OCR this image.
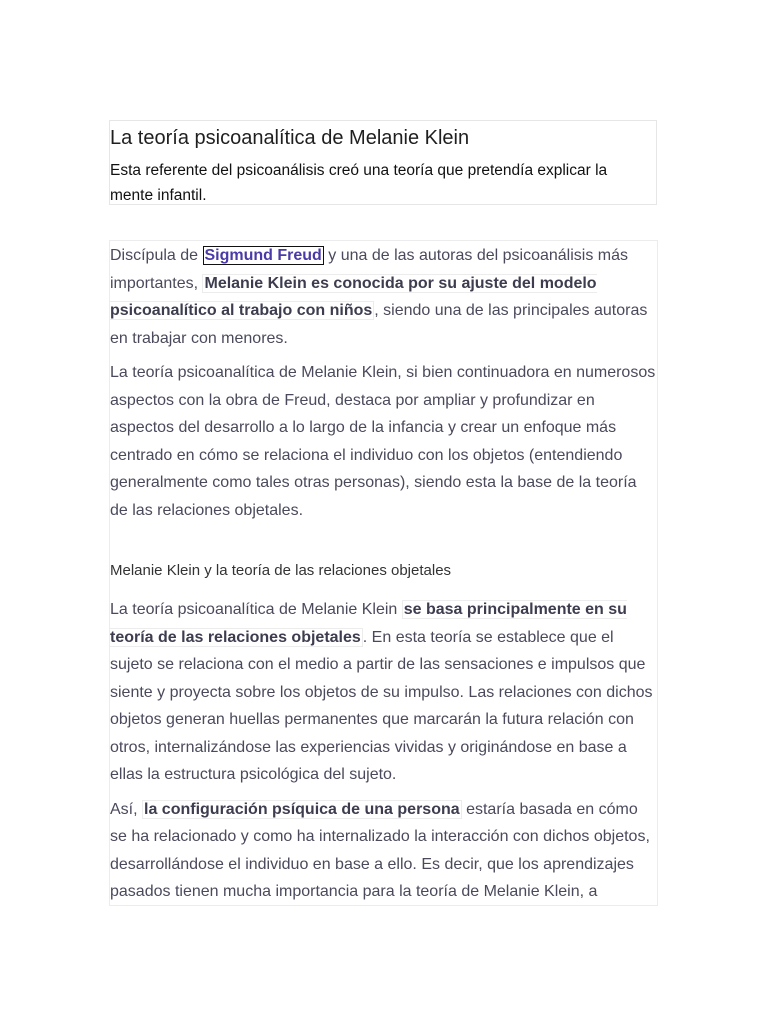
La teoría psicoanalítica de Melanie Klein

Esta referente del psicoanálisis creó una teoría que pretendía explicar la mente infantil.

Discípula de Sigmund Freud y una de las autoras del psicoanálisis más importantes, Melanie Klein es conocida por su ajuste del modelo psicoanalítico al trabajo con niños , siendo una de las principales autoras en trabajar con menores.

La teoría psicoanalítica de Melanie Klein, si bien continuadora en numerosos aspectos con la obra de Freud, destaca por ampliar y profundizar en aspectos del desarrollo a lo largo de la infancia y crear un enfoque más centrado en cómo se relaciona el individuo con los objetos (entendiendo generalmente como tales otras personas), siendo esta la base de la teoría de las relaciones objetales.

Melanie Klein y la teoría de las relaciones objetales

La teoría psicoanalítica de Melanie Klein se basa principalmente en su teoría de las relaciones objetales . En esta teoría se establece que el sujeto se relaciona con el medio a partir de las sensaciones e impulsos que siente y proyecta sobre los objetos de su impulso. Las relaciones con dichos objetos generan huellas permanentes que marcarán la futura relación con otros, internalizándose las experiencias vividas y originándose en base a ellas la estructura psicológica del sujeto.

Así, la configuración psíquica de una persona estaría basada en cómo se ha relacionado y como ha internalizado la interacción con dichos objetos, desarrollándose el individuo en base a ello. Es decir, que los aprendizajes pasados tienen mucha importancia para la teoría de Melanie Klein, a
